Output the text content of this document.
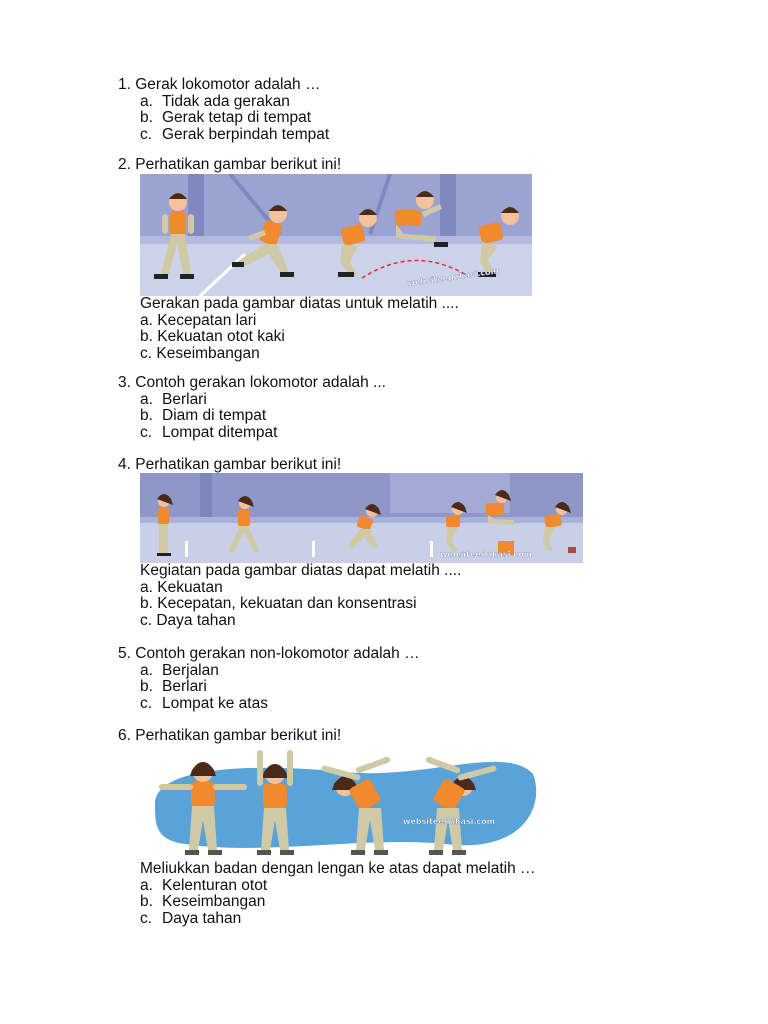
1. Gerak lokomotor adalah …
a. Tidak ada gerakan
b. Gerak tetap di tempat
c. Gerak berpindah tempat
2. Perhatikan gambar berikut ini!
websiteedukasi.com
Gerakan pada gambar diatas untuk melatih ....
a. Kecepatan lari
b. Kekuatan otot kaki
c. Keseimbangan
3. Contoh gerakan lokomotor adalah ...
a. Berlari
b. Diam di tempat
c. Lompat ditempat
4. Perhatikan gambar berikut ini!
websiteedukasi.com
Kegiatan pada gambar diatas dapat melatih ....
a. Kekuatan
b. Kecepatan, kekuatan dan konsentrasi
c. Daya tahan
5. Contoh gerakan non-lokomotor adalah …
a. Berjalan
b. Berlari
c. Lompat ke atas
6. Perhatikan gambar berikut ini!
websiteedukasi.com
Meliukkan badan dengan lengan ke atas dapat melatih …
a. Kelenturan otot
b. Keseimbangan
c. Daya tahan
